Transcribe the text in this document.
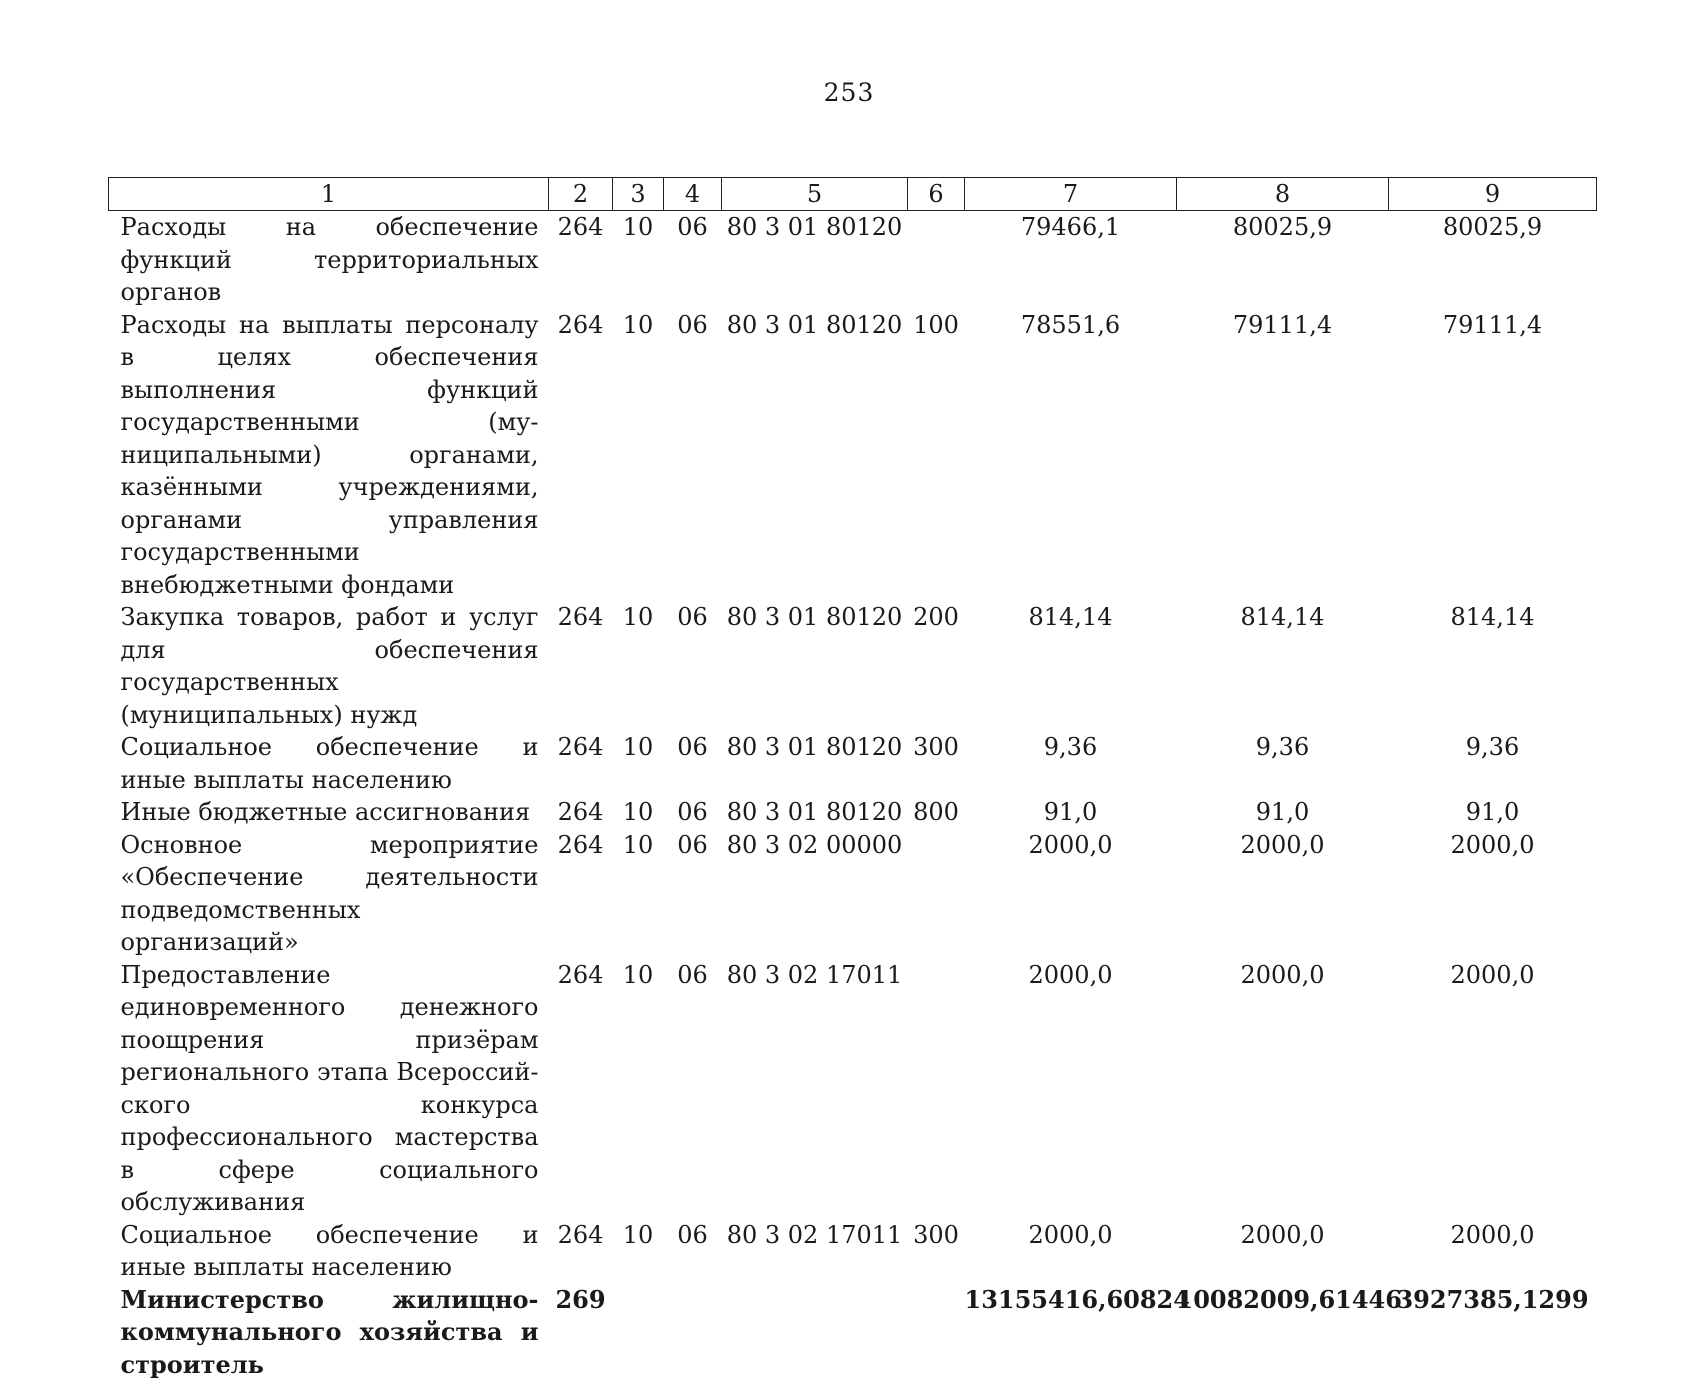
253
1	2	3	4	5	6	7	8	9
Расходы на обеспечение функций территориальных органов	264	10	06	80 3 01 80120		79466,1	80025,9	80025,9
Расходы на выплаты персоналу в целях обеспечения выполнения функций государственными (муниципальными) органами, казёнными учреждениями, органами управления государственными внебюджетными фондами	264	10	06	80 3 01 80120	100	78551,6	79111,4	79111,4
Закупка товаров, работ и услуг для обеспечения государственных (муниципальных) нужд	264	10	06	80 3 01 80120	200	814,14	814,14	814,14
Социальное обеспечение и иные выплаты населению	264	10	06	80 3 01 80120	300	9,36	9,36	9,36
Иные бюджетные ассигнования	264	10	06	80 3 01 80120	800	91,0	91,0	91,0
Основное мероприятие «Обеспечение деятельности подведомственных организаций»	264	10	06	80 3 02 00000		2000,0	2000,0	2000,0
Предоставление единовременного денежного поощрения призёрам регионального этапа Всероссийского конкурса профессионального мастерства в сфере социального обслуживания	264	10	06	80 3 02 17011		2000,0	2000,0	2000,0
Социальное обеспечение и иные выплаты населению	264	10	06	80 3 02 17011	300	2000,0	2000,0	2000,0
Министерство жилищно-коммунального хозяйства и строитель	269					13155416,60824	10082009,61446	3927385,1299
